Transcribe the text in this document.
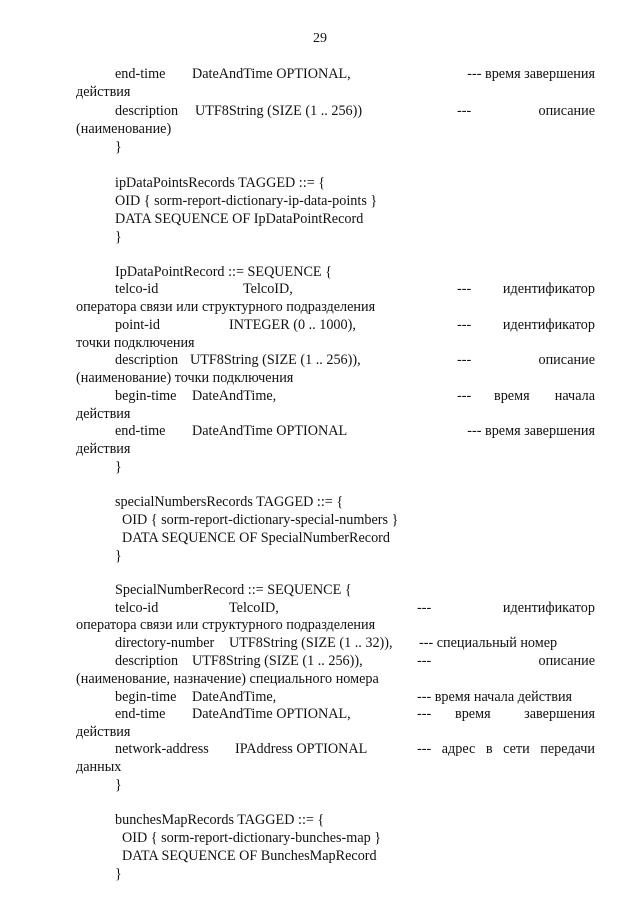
29
end-time DateAndTime OPTIONAL,	--- время завершения
действия
description UTF8String (SIZE (1 .. 256))	---	описание
(наименование)
}
ipDataPointsRecords TAGGED ::= {
OID { sorm-report-dictionary-ip-data-points }
DATA SEQUENCE OF IpDataPointRecord
}
IpDataPointRecord ::= SEQUENCE {
telco-id	TelcoID,	--- идентификатор
оператора связи или структурного подразделения
point-id	INTEGER (0 .. 1000),	--- идентификатор
точки подключения
description UTF8String (SIZE (1 .. 256)),	---	описание
(наименование) точки подключения
begin-time DateAndTime,	--- время начала
действия
end-time DateAndTime OPTIONAL	--- время завершения
действия
}
specialNumbersRecords TAGGED ::= {
OID { sorm-report-dictionary-special-numbers }
DATA SEQUENCE OF SpecialNumberRecord
}
SpecialNumberRecord ::= SEQUENCE {
telco-id	TelcoID,	---	идентификатор
оператора связи или структурного подразделения
directory-number UTF8String (SIZE (1 .. 32)), --- специальный номер
description UTF8String (SIZE (1 .. 256)),	---	описание
(наименование, назначение) специального номера
begin-time DateAndTime,	--- время начала действия
end-time DateAndTime OPTIONAL,	--- время завершения
действия
network-address IPAddress OPTIONAL	--- адрес в сети передачи
данных
}
bunchesMapRecords TAGGED ::= {
OID { sorm-report-dictionary-bunches-map }
DATA SEQUENCE OF BunchesMapRecord
}
